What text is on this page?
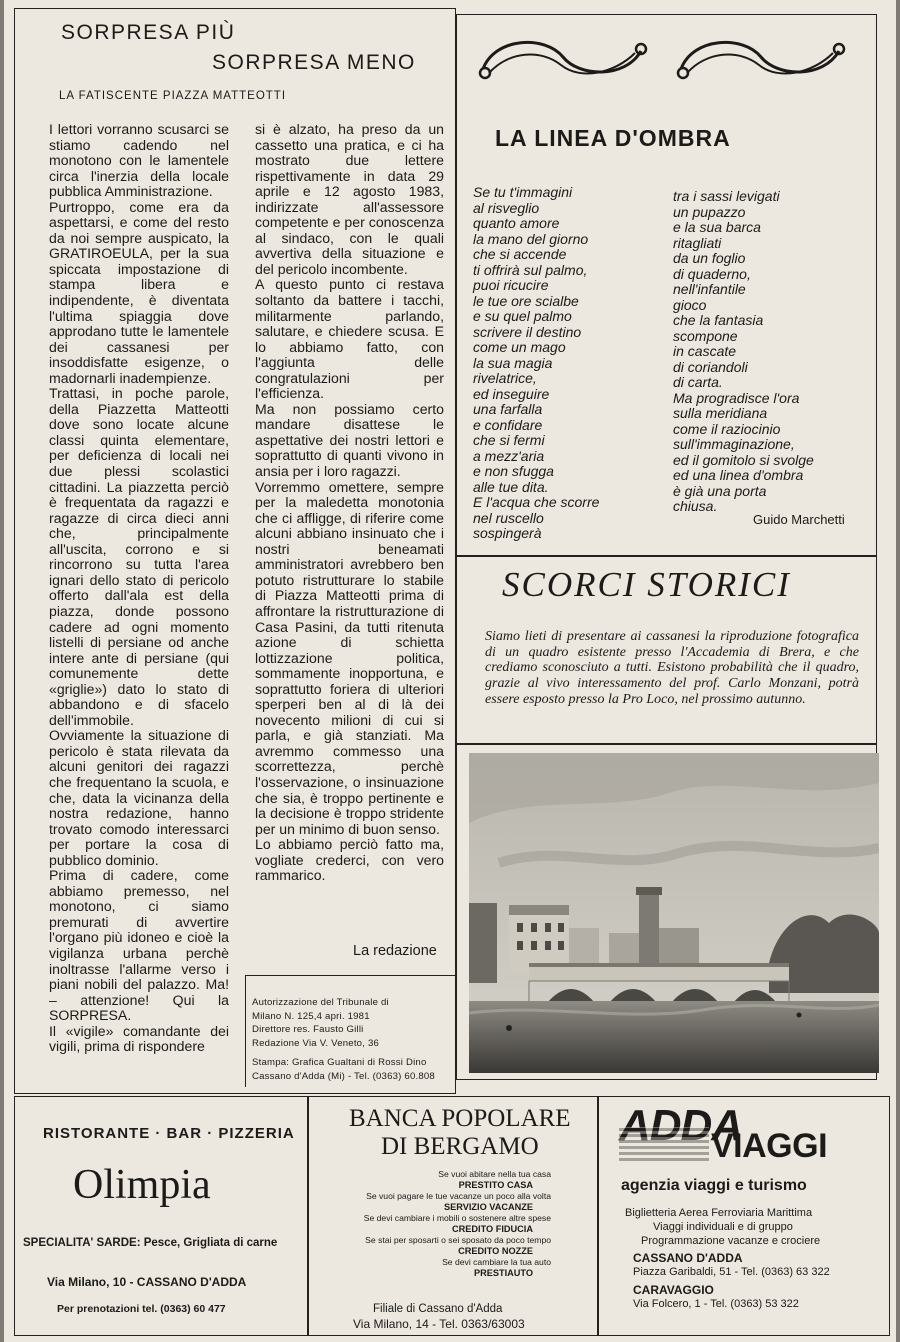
SORPRESA PIÙ
SORPRESA MENO
LA FATISCENTE PIAZZA MATTEOTTI

I lettori vorranno scusarci se stiamo cadendo nel monotono con le lamentele circa l'inerzia della locale pubblica Amministrazione.

Purtroppo, come era da aspettarsi, e come del resto da noi sempre auspicato, la GRATIROEULA, per la sua spiccata impostazione di stampa libera e indipendente, è diventata l'ultima spiaggia dove approdano tutte le lamentele dei cassanesi per insoddisfatte esigenze, o madornarli inadempienze.

Trattasi, in poche parole, della Piazzetta Matteotti dove sono locate alcune classi quinta elementare, per deficienza di locali nei due plessi scolastici cittadini. La piazzetta perciò è frequentata da ragazzi e ragazze di circa dieci anni che, principalmente all'uscita, corrono e si rincorrono su tutta l'area ignari dello stato di pericolo offerto dall'ala est della piazza, donde possono cadere ad ogni momento listelli di persiane od anche intere ante di persiane (qui comunemente dette «griglie») dato lo stato di abbandono e di sfacelo dell'immobile.

Ovviamente la situazione di pericolo è stata rilevata da alcuni genitori dei ragazzi che frequentano la scuola, e che, data la vicinanza della nostra redazione, hanno trovato comodo interessarci per portare la cosa di pubblico dominio.

Prima di cadere, come abbiamo premesso, nel monotono, ci siamo premurati di avvertire l'organo più idoneo e cioè la vigilanza urbana perchè inoltrasse l'allarme verso i piani nobili del palazzo. Ma! – attenzione! Qui la SORPRESA.

Il «vigile» comandante dei vigili, prima di rispondere

si è alzato, ha preso da un cassetto una pratica, e ci ha mostrato due lettere rispettivamente in data 29 aprile e 12 agosto 1983, indirizzate all'assessore competente e per conoscenza al sindaco, con le quali avvertiva della situazione e del pericolo incombente.

A questo punto ci restava soltanto da battere i tacchi, militarmente parlando, salutare, e chiedere scusa. E lo abbiamo fatto, con l'aggiunta delle congratulazioni per l'efficienza.

Ma non possiamo certo mandare disattese le aspettative dei nostri lettori e soprattutto di quanti vivono in ansia per i loro ragazzi.

Vorremmo omettere, sempre per la maledetta monotonia che ci affligge, di riferire come alcuni abbiano insinuato che i nostri beneamati amministratori avrebbero ben potuto ristrutturare lo stabile di Piazza Matteotti prima di affrontare la ristrutturazione di Casa Pasini, da tutti ritenuta azione di schietta lottizzazione politica, sommamente inopportuna, e soprattutto foriera di ulteriori sperperi ben al di là dei novecento milioni di cui si parla, e già stanziati. Ma avremmo commesso una scorrettezza, perchè l'osservazione, o insinuazione che sia, è troppo pertinente e la decisione è troppo stridente per un minimo di buon senso.

Lo abbiamo perciò fatto ma, vogliate crederci, con vero rammarico.

La redazione

Autorizzazione del Tribunale di

Milano N. 125,4 apri. 1981

Direttore res. Fausto Gilli

Redazione Via V. Veneto, 36

Stampa: Grafica Gualtani di Rossi Dino

Cassano d'Adda (Mi) - Tel. (0363) 60.808

LA LINEA D'OMBRA

Se tu t'immagini

al risveglio

quanto amore

la mano del giorno

che si accende

ti offrirà sul palmo,

puoi ricucire

le tue ore scialbe

e su quel palmo

scrivere il destino

come un mago

la sua magia

rivelatrice,

ed inseguire

una farfalla

e confidare

che si fermi

a mezz'aria

e non sfugga

alle tue dita.

E l'acqua che scorre

nel ruscello

sospingerà

tra i sassi levigati

un pupazzo

e la sua barca

ritagliati

da un foglio

di quaderno,

nell'infantile

gioco

che la fantasia

scompone

in cascate

di coriandoli

di carta.

Ma progradisce l'ora

sulla meridiana

come il raziocinio

sull'immaginazione,

ed il gomitolo si svolge

ed una linea d'ombra

è già una porta

chiusa.

Guido Marchetti
SCORCI STORICI
Siamo lieti di presentare ai cassanesi la riproduzione fotografica di un quadro esistente presso l'Accademia di Brera, e che crediamo sconosciuto a tutti. Esistono probabilità che il quadro, grazie al vivo interessamento del prof. Carlo Monzani, potrà essere esposto presso la Pro Loco, nel prossimo autunno.
RISTORANTE · BAR · PIZZERIA
Olimpia
SPECIALITA' SARDE: Pesce, Grigliata di carne
Via Milano, 10 - CASSANO D'ADDA
Per prenotazioni tel. (0363) 60 477
BANCA POPOLARE
DI BERGAMO
Se vuoi abitare nella tua casa
PRESTITO CASA
Se vuoi pagare le tue vacanze un poco alla volta
SERVIZIO VACANZE
Se devi cambiare i mobili o sostenere altre spese
CREDITO FIDUCIA
Se stai per sposarti o sei sposato da poco tempo
CREDITO NOZZE
Se devi cambiare la tua auto
PRESTIAUTO
Filiale di Cassano d'Adda
Via Milano, 14 - Tel. 0363/63003
ADDA
VIAGGI
agenzia viaggi e turismo
Biglietteria Aerea Ferroviaria Marittima
Viaggi individuali e di gruppo
Programmazione vacanze e crociere
CASSANO D'ADDA
Piazza Garibaldi, 51 - Tel. (0363) 63 322
CARAVAGGIO
Via Folcero, 1 - Tel. (0363) 53 322
